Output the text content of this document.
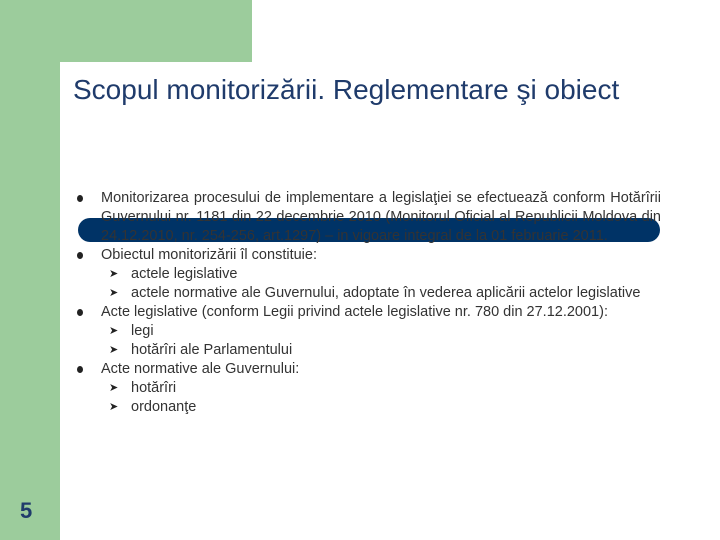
Scopul monitorizării. Reglementare şi obiect
Monitorizarea procesului de implementare a legislaţiei se efectuează conform Hotărîrii Guvernului nr. 1181 din 22 decembrie 2010 (Monitorul Oficial al Republicii Moldova din 24.12.2010, nr. 254-256, art.1297) – in vigoare integral de la 01 februarie 2011.
Obiectul monitorizării îl constituie:
➤ actele legislative
➤ actele normative ale Guvernului, adoptate în vederea aplicării actelor legislative
Acte legislative (conform Legii privind actele legislative nr. 780 din 27.12.2001):
➤ legi
➤ hotărîri ale Parlamentului
Acte normative ale Guvernului:
➤ hotărîri
➤ ordonanţe
5
